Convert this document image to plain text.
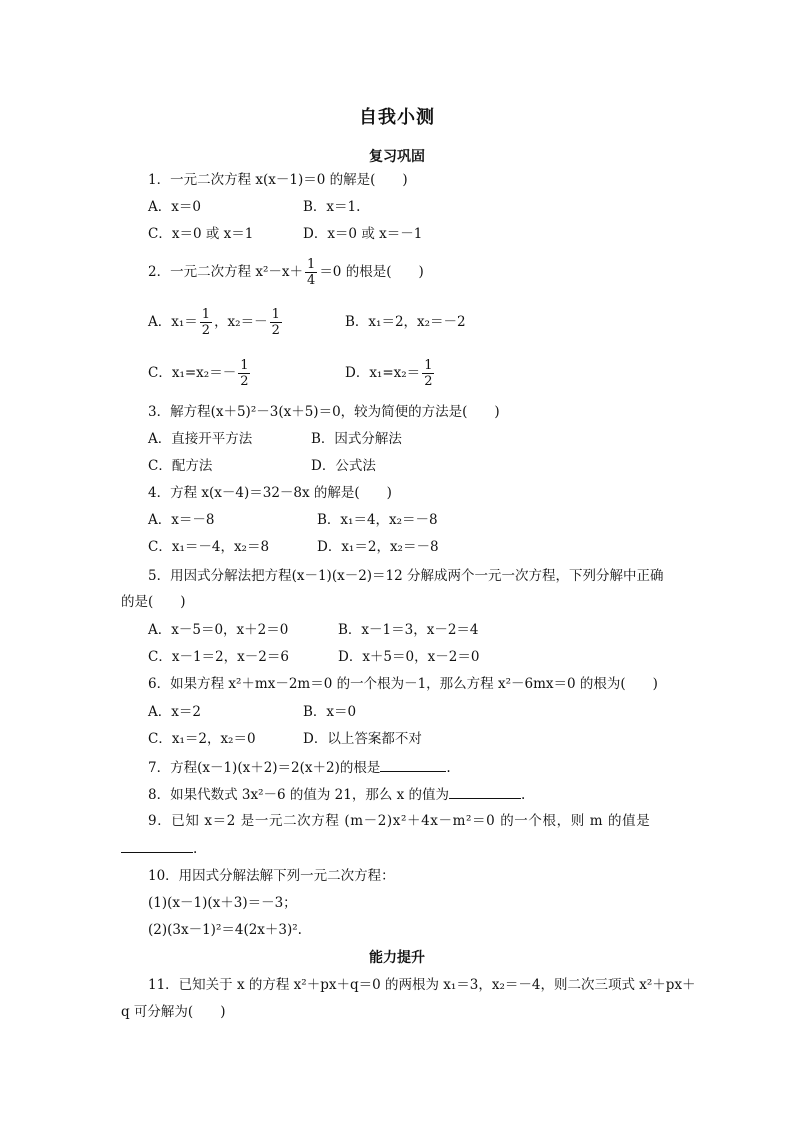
自我小测
复习巩固
1．一元二次方程 x(x－1)＝0 的解是(　　)
A．x＝0	B．x＝1.
C．x＝0 或 x＝1	D．x＝0 或 x＝－1
2．一元二次方程 $x^2-x+ \frac{1}{4} =0$ 的根是(　　)
A．$x_1= \frac{1}{2}$ ，$x_2=- \frac{1}{2}$	B．x₁＝2，x₂＝－2
C．$x_1=x_2=- \frac{1}{2}$	D．$x_1=x_2= \frac{1}{2}$
3．解方程(x＋5)²－3(x＋5)＝0，较为简便的方法是(　　)
A．直接开平方法	B．因式分解法
C．配方法	D．公式法
4．方程 x(x－4)＝32－8x 的解是(　　)
A．x＝－8	B．x₁＝4，x₂＝－8
C．x₁＝－4，x₂＝8	D．x₁＝2，x₂＝－8
5．用因式分解法把方程(x－1)(x－2)＝12 分解成两个一元一次方程，下列分解中正确
的是(　　)
A．x－5＝0，x＋2＝0	B．x－1＝3，x－2＝4
C．x－1＝2，x－2＝6	D．x＋5＝0，x－2＝0
6．如果方程 x²＋mx－2m＝0 的一个根为－1，那么方程 x²－6mx＝0 的根为(　　)
A．x＝2	B．x＝0
C．x₁＝2，x₂＝0	D．以上答案都不对
7．方程(x－1)(x＋2)＝2(x＋2)的根是	.
8．如果代数式 3x²－6 的值为 21，那么 x 的值为	.
9．已知 x＝2 是一元二次方程 (m－2)x²＋4x－m²＝0 的一个根，则 m 的值是
.
10．用因式分解法解下列一元二次方程：
(1)(x－1)(x＋3)＝－3；
(2)(3x－1)²＝4(2x＋3)².
能力提升
11．已知关于 x 的方程 x²＋px＋q＝0 的两根为 x₁＝3，x₂＝－4，则二次三项式 x²＋px＋
q 可分解为(　　)
